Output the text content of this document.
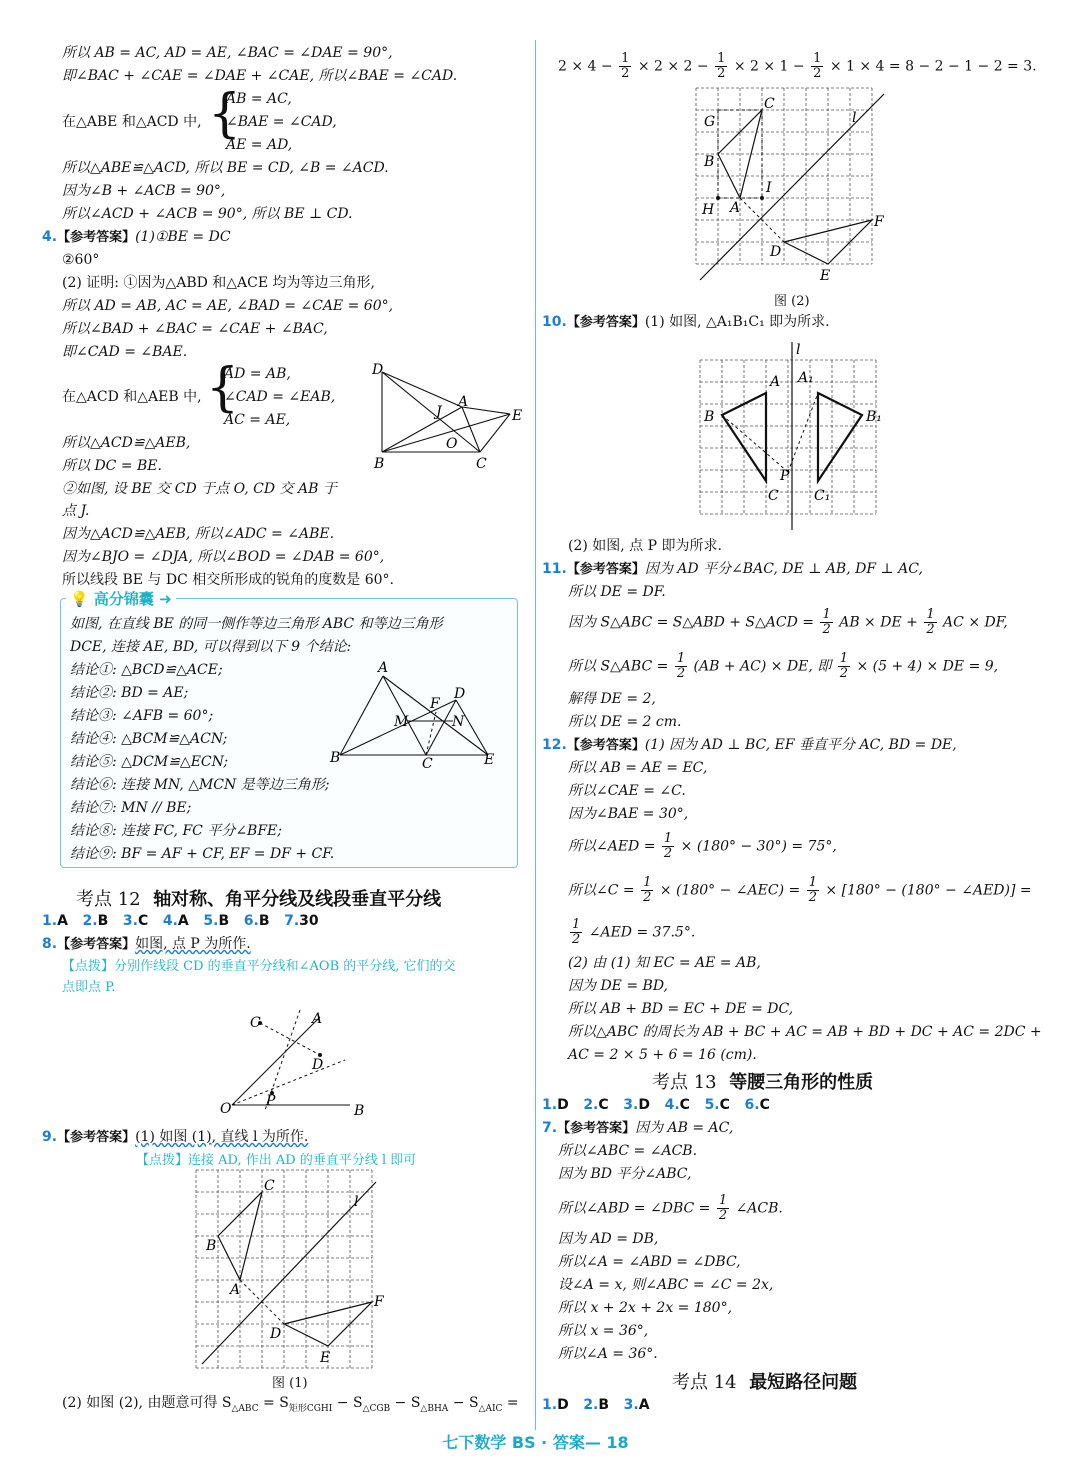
所以 AB = AC, AD = AE, ∠BAC = ∠DAE = 90°,
即∠BAC + ∠CAE = ∠DAE + ∠CAE, 所以∠BAE = ∠CAD.
在△ABE 和△ACD 中, {
AB = AC,
∠BAE = ∠CAD,
AE = AD,
所以△ABE≌△ACD, 所以 BE = CD, ∠B = ∠ACD.
因为∠B + ∠ACB = 90°,
所以∠ACD + ∠ACB = 90°, 所以 BE ⊥ CD.
4.【参考答案】(1)①BE = DC
②60°
(2) 证明: ①因为△ABD 和△ACE 均为等边三角形,
所以 AD = AB, AC = AE, ∠BAD = ∠CAE = 60°,
所以∠BAD + ∠BAC = ∠CAE + ∠BAC,
即∠CAD = ∠BAE.
在△ACD 和△AEB 中, {
AD = AB,
∠CAD = ∠EAB,
AC = AE,
所以△ACD≌△AEB,
所以 DC = BE.
②如图, 设 BE 交 CD 于点 O, CD 交 AB 于
点 J.
因为△ACD≌△AEB, 所以∠ADC = ∠ABE.
因为∠BJO = ∠DJA, 所以∠BOD = ∠DAB = 60°,
所以线段 BE 与 DC 相交所形成的锐角的度数是 60°.
D
A
J	E
O
B	C
💡 高分锦囊 ➜
如图, 在直线 BE 的同一侧作等边三角形 ABC 和等边三角形
DCE, 连接 AE, BD, 可以得到以下 9 个结论:
结论①: △BCD≌△ACE;
结论②: BD = AE;
结论③: ∠AFB = 60°;
结论④: △BCM≌△ACN;
结论⑤: △DCM≌△ECN;
结论⑥: 连接 MN, △MCN 是等边三角形;
结论⑦: MN // BE;
结论⑧: 连接 FC, FC 平分∠BFE;
结论⑨: BF = AF + CF, EF = DF + CF.
A
F
D
M	N
B	C	E
考点 12 轴对称、角平分线及线段垂直平分线
1.A 2.B 3.C 4.A 5.B 6.B 7.30
8.【参考答案】如图, 点 P 为所作.
【点拨】分别作线段 CD 的垂直平分线和∠AOB 的平分线, 它们的交
点即点 P.
C	A
D
O P
B
9.【参考答案】(1) 如图 (1), 直线 l 为所作.
【点拨】连接 AD, 作出 AD 的垂直平分线 l 即可
C
l
B
A
F
D
E
图 (1)
(2) 如图 (2), 由题意可得 $S_{\triangle ABC} = S_{矩形CGHI} - S_{\triangle CGB} - S_{\triangle BHA} - S_{\triangle AIC}$ =
$2 \times 4 - \frac{1}{2} \times 2 \times 2 - \frac{1}{2} \times 2 \times 1 - \frac{1}{2} \times 1 \times 4 = 8 - 2 - 1 - 2 = 3$.
C
G	l
B
I
H A
F
D
E
图 (2)
10.【参考答案】(1) 如图, △A₁B₁C₁ 即为所求.
l
A A₁
B	B₁
P
C	C₁
(2) 如图, 点 P 即为所求.
11.【参考答案】因为 AD 平分∠BAC, DE ⊥ AB, DF ⊥ AC,
所以 DE = DF.
因为 S△ABC = S△ABD + S△ACD = $\frac{1}{2}$ AB × DE + $\frac{1}{2}$ AC × DF,
所以 S△ABC = $\frac{1}{2} (AB + AC)$ × DE, 即 $\frac{1}{2} \times (5 + 4)$ × DE = 9,
解得 DE = 2,
所以 DE = 2 cm.
12.【参考答案】(1) 因为 AD ⊥ BC, EF 垂直平分 AC, BD = DE,
所以 AB = AE = EC,
所以∠CAE = ∠C.
因为∠BAE = 30°,
所以∠AED = $\frac{1}{2} \times (180^\circ - 30^\circ) = 75^\circ$,
所以∠C = $\frac{1}{2} \times (180^\circ$ − ∠AEC) = $\frac{1}{2} \times [180^\circ - (180^\circ$ − ∠AED)] =
$\frac{1}{2}$ ∠AED = 37.5°.
(2) 由 (1) 知 EC = AE = AB,
因为 DE = BD,
所以 AB + BD = EC + DE = DC,
所以△ABC 的周长为 AB + BC + AC = AB + BD + DC + AC = 2DC +
AC = 2 × 5 + 6 = 16 (cm).
考点 13 等腰三角形的性质
1.D 2.C 3.D 4.C 5.C 6.C
7.【参考答案】因为 AB = AC,
所以∠ABC = ∠ACB.
因为 BD 平分∠ABC,
所以∠ABD = ∠DBC = $\frac{1}{2}$ ∠ACB.
因为 AD = DB,
所以∠A = ∠ABD = ∠DBC,
设∠A = x, 则∠ABC = ∠C = 2x,
所以 x + 2x + 2x = 180°,
所以 x = 36°,
所以∠A = 36°.
考点 14 最短路径问题
1.D 2.B 3.A
七下数学 BS · 答案— 18
